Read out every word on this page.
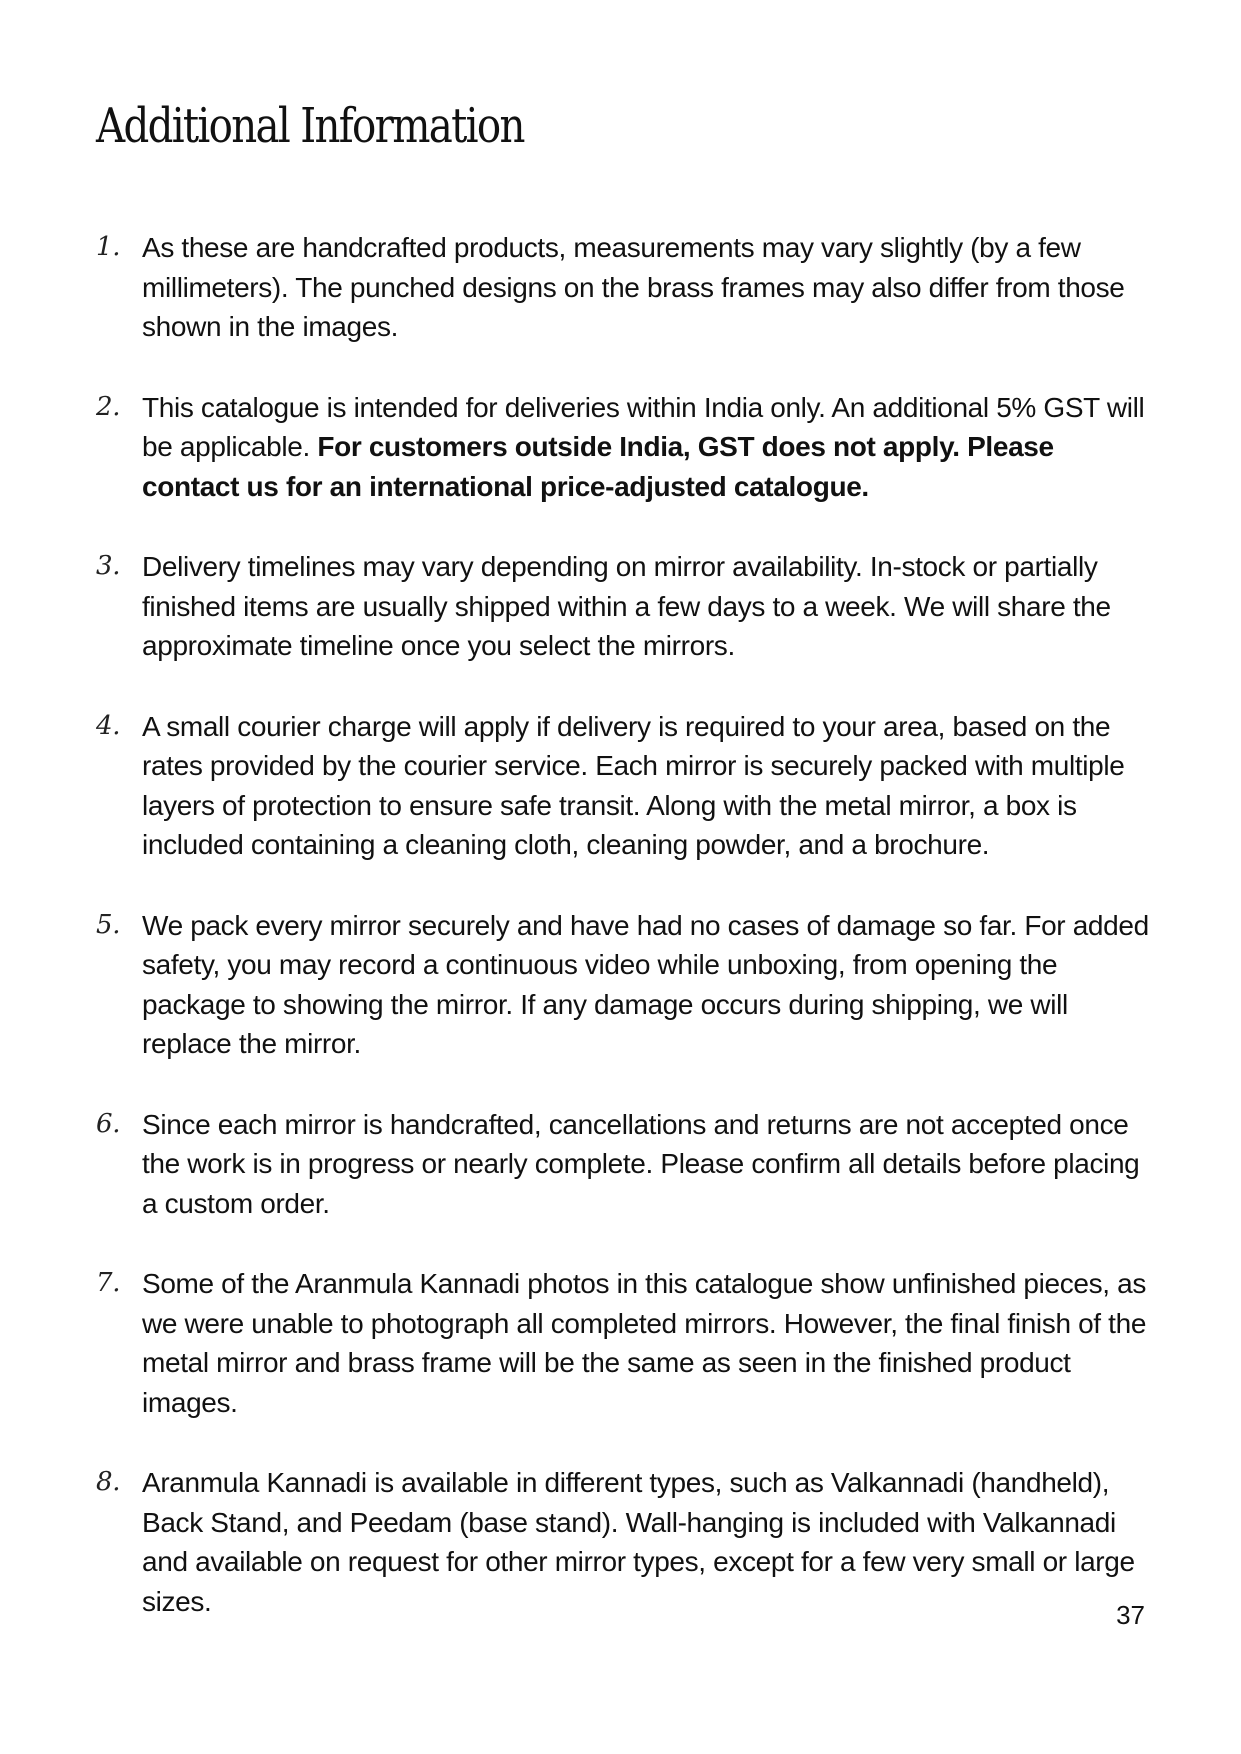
Additional Information
1. As these are handcrafted products, measurements may vary slightly (by a few millimeters). The punched designs on the brass frames may also differ from those shown in the images.
2. This catalogue is intended for deliveries within India only. An additional 5% GST will be applicable. For customers outside India, GST does not apply. Please contact us for an international price-adjusted catalogue.
3. Delivery timelines may vary depending on mirror availability. In-stock or partially finished items are usually shipped within a few days to a week. We will share the approximate timeline once you select the mirrors.
4. A small courier charge will apply if delivery is required to your area, based on the rates provided by the courier service. Each mirror is securely packed with multiple layers of protection to ensure safe transit. Along with the metal mirror, a box is included containing a cleaning cloth, cleaning powder, and a brochure.
5. We pack every mirror securely and have had no cases of damage so far. For added safety, you may record a continuous video while unboxing, from opening the package to showing the mirror. If any damage occurs during shipping, we will replace the mirror.
6. Since each mirror is handcrafted, cancellations and returns are not accepted once the work is in progress or nearly complete. Please confirm all details before placing a custom order.
7. Some of the Aranmula Kannadi photos in this catalogue show unfinished pieces, as we were unable to photograph all completed mirrors. However, the final finish of the metal mirror and brass frame will be the same as seen in the finished product images.
8. Aranmula Kannadi is available in different types, such as Valkannadi (handheld), Back Stand, and Peedam (base stand). Wall-hanging is included with Valkannadi and available on request for other mirror types, except for a few very small or large sizes.	37
